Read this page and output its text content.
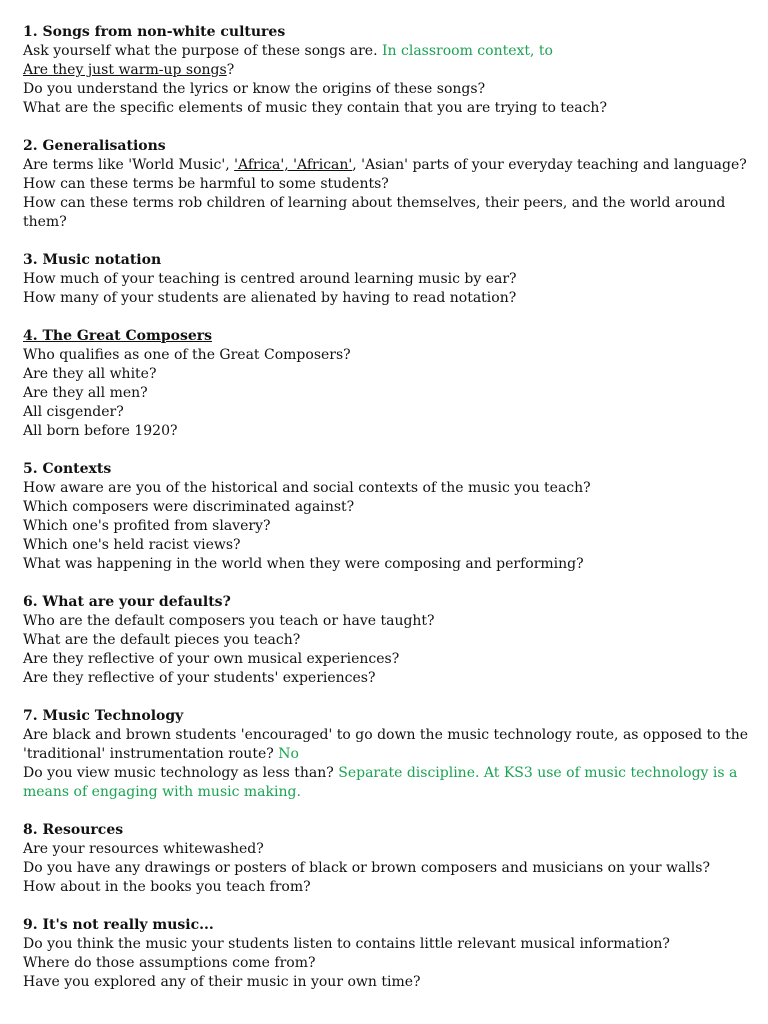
1. Songs from non-white cultures
Ask yourself what the purpose of these songs are. In classroom context, to
Are they just warm-up songs?
Do you understand the lyrics or know the origins of these songs?
What are the specific elements of music they contain that you are trying to teach?
2. Generalisations
Are terms like 'World Music', 'Africa', 'African', 'Asian' parts of your everyday teaching and language?
How can these terms be harmful to some students?
How can these terms rob children of learning about themselves, their peers, and the world around them?
3. Music notation
How much of your teaching is centred around learning music by ear?
How many of your students are alienated by having to read notation?
4. The Great Composers
Who qualifies as one of the Great Composers?
Are they all white?
Are they all men?
All cisgender?
All born before 1920?
5. Contexts
How aware are you of the historical and social contexts of the music you teach?
Which composers were discriminated against?
Which one's profited from slavery?
Which one's held racist views?
What was happening in the world when they were composing and performing?
6. What are your defaults?
Who are the default composers you teach or have taught?
What are the default pieces you teach?
Are they reflective of your own musical experiences?
Are they reflective of your students' experiences?
7. Music Technology
Are black and brown students 'encouraged' to go down the music technology route, as opposed to the
'traditional' instrumentation route? No
Do you view music technology as less than? Separate discipline. At KS3 use of music technology is a
means of engaging with music making.
8. Resources
Are your resources whitewashed?
Do you have any drawings or posters of black or brown composers and musicians on your walls?
How about in the books you teach from?
9. It's not really music...
Do you think the music your students listen to contains little relevant musical information?
Where do those assumptions come from?
Have you explored any of their music in your own time?
